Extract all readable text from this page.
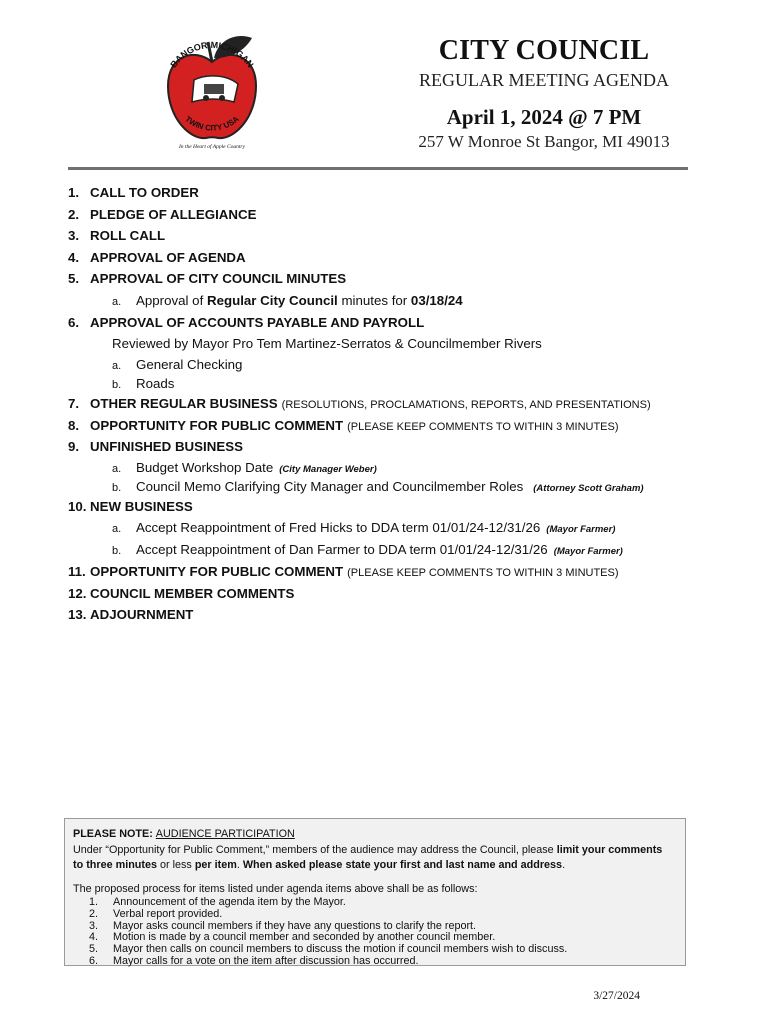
BANGOR MICHIGAN
TWIN CITY USA
In the Heart of Apple Country
CITY COUNCIL
REGULAR MEETING AGENDA
April 1, 2024 @ 7 PM
257 W Monroe St Bangor, MI 49013
1. CALL TO ORDER
2. PLEDGE OF ALLEGIANCE
3. ROLL CALL
4. APPROVAL OF AGENDA
5. APPROVAL OF CITY COUNCIL MINUTES
a.	Approval of Regular City Council minutes for 03/18/24
6. APPROVAL OF ACCOUNTS PAYABLE AND PAYROLL
Reviewed by Mayor Pro Tem Martinez-Serratos & Councilmember Rivers
a.	General Checking
b.	Roads
7. OTHER REGULAR BUSINESS (RESOLUTIONS, PROCLAMATIONS, REPORTS, AND PRESENTATIONS)
8. OPPORTUNITY FOR PUBLIC COMMENT (PLEASE KEEP COMMENTS TO WITHIN 3 MINUTES)
9. UNFINISHED BUSINESS
a.	Budget Workshop Date (City Manager Weber)
b.	Council Memo Clarifying City Manager and Councilmember Roles (Attorney Scott Graham)
10. NEW BUSINESS
a.	Accept Reappointment of Fred Hicks to DDA term 01/01/24-12/31/26 (Mayor Farmer)
b.	Accept Reappointment of Dan Farmer to DDA term 01/01/24-12/31/26 (Mayor Farmer)
11. OPPORTUNITY FOR PUBLIC COMMENT (PLEASE KEEP COMMENTS TO WITHIN 3 MINUTES)
12. COUNCIL MEMBER COMMENTS
13. ADJOURNMENT
PLEASE NOTE: AUDIENCE PARTICIPATION
Under “Opportunity for Public Comment,” members of the audience may address the Council, please limit your comments
to three minutes or less per item. When asked please state your first and last name and address.
The proposed process for items listed under agenda items above shall be as follows:
1.	Announcement of the agenda item by the Mayor.
2.	Verbal report provided.
3.	Mayor asks council members if they have any questions to clarify the report.
4.	Motion is made by a council member and seconded by another council member.
5.	Mayor then calls on council members to discuss the motion if council members wish to discuss.
6.	Mayor calls for a vote on the item after discussion has occurred.
3/27/2024
